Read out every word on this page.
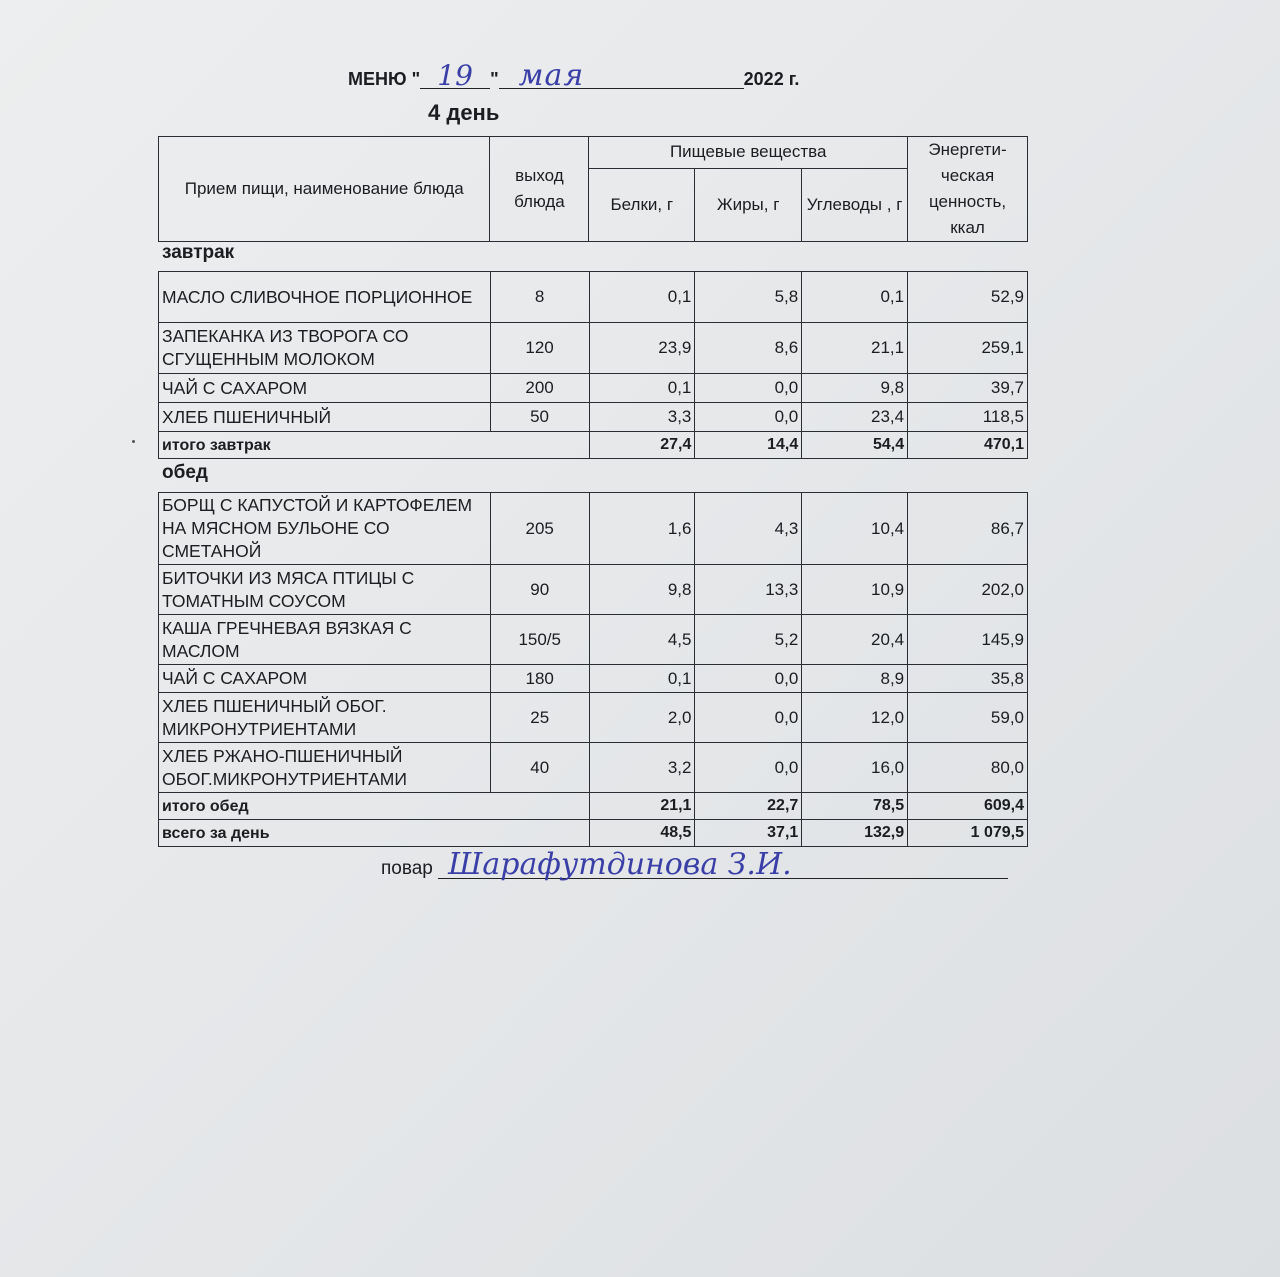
МЕНЮ " 19 " мая	2022 г.
4 день
Прием пищи, наименование блюда	выход блюда	Пищевые вещества			Энергети-ческая ценность, ккал
		Белки, г	Жиры, г	Углеводы , г	
завтрак
МАСЛО СЛИВОЧНОЕ ПОРЦИОННОЕ	8	0,1	5,8	0,1	52,9
ЗАПЕКАНКА ИЗ ТВОРОГА СО СГУЩЕННЫМ МОЛОКОМ	120	23,9	8,6	21,1	259,1
ЧАЙ С САХАРОМ	200	0,1	0,0	9,8	39,7
ХЛЕБ ПШЕНИЧНЫЙ	50	3,3	0,0	23,4	118,5
итого завтрак		27,4	14,4	54,4	470,1
обед
БОРЩ С КАПУСТОЙ И КАРТОФЕЛЕМ НА МЯСНОМ БУЛЬОНЕ СО СМЕТАНОЙ	205	1,6	4,3	10,4	86,7
БИТОЧКИ ИЗ МЯСА ПТИЦЫ С ТОМАТНЫМ СОУСОМ	90	9,8	13,3	10,9	202,0
КАША ГРЕЧНЕВАЯ ВЯЗКАЯ С МАСЛОМ	150/5	4,5	5,2	20,4	145,9
ЧАЙ С САХАРОМ	180	0,1	0,0	8,9	35,8
ХЛЕБ ПШЕНИЧНЫЙ ОБОГ. МИКРОНУТРИЕНТАМИ	25	2,0	0,0	12,0	59,0
ХЛЕБ РЖАНО-ПШЕНИЧНЫЙ ОБОГ.МИКРОНУТРИЕНТАМИ	40	3,2	0,0	16,0	80,0
итого обед		21,1	22,7	78,5	609,4
всего за день		48,5	37,1	132,9	1 079,5
повар Шарафутдинова З.И.
